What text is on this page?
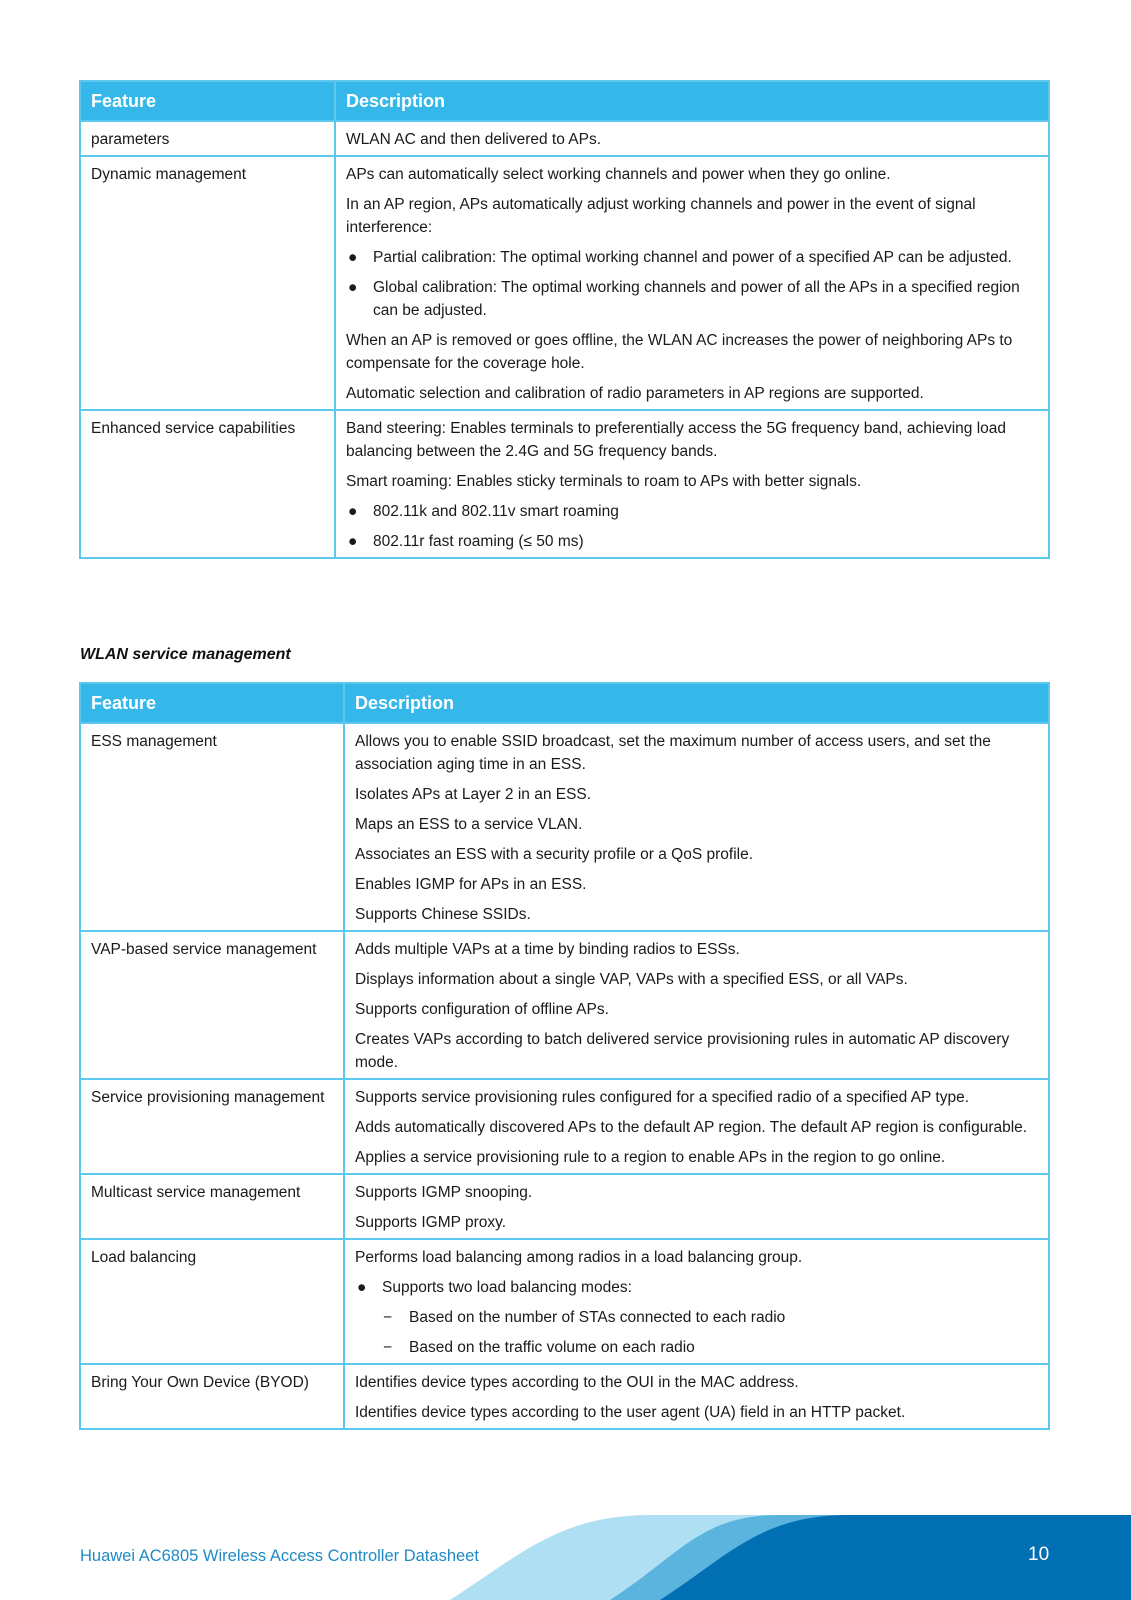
Feature	Description
parameters	WLAN AC and then delivered to APs.

Dynamic management	APs can automatically select working channels and power when they go online.

In an AP region, APs automatically adjust working channels and power in the event of signal interference:

● Partial calibration: The optimal working channel and power of a specified AP can be adjusted.
● Global calibration: The optimal working channels and power of all the APs in a specified region can be adjusted.

When an AP is removed or goes offline, the WLAN AC increases the power of neighboring APs to compensate for the coverage hole.

Automatic selection and calibration of radio parameters in AP regions are supported.

Enhanced service capabilities	Band steering: Enables terminals to preferentially access the 5G frequency band, achieving load balancing between the 2.4G and 5G frequency bands.

Smart roaming: Enables sticky terminals to roam to APs with better signals.

● 802.11k and 802.11v smart roaming
● 802.11r fast roaming (≤ 50 ms)
WLAN service management
Feature	Description
ESS management	Allows you to enable SSID broadcast, set the maximum number of access users, and set the association aging time in an ESS.

Isolates APs at Layer 2 in an ESS.

Maps an ESS to a service VLAN.

Associates an ESS with a security profile or a QoS profile.

Enables IGMP for APs in an ESS.

Supports Chinese SSIDs.

VAP-based service management	Adds multiple VAPs at a time by binding radios to ESSs.

Displays information about a single VAP, VAPs with a specified ESS, or all VAPs.

Supports configuration of offline APs.

Creates VAPs according to batch delivered service provisioning rules in automatic AP discovery mode.

Service provisioning management	Supports service provisioning rules configured for a specified radio of a specified AP type.

Adds automatically discovered APs to the default AP region. The default AP region is configurable.

Applies a service provisioning rule to a region to enable APs in the region to go online.

Multicast service management	Supports IGMP snooping.

Supports IGMP proxy.

Load balancing	Performs load balancing among radios in a load balancing group.

● Supports two load balancing modes:
− Based on the number of STAs connected to each radio
− Based on the traffic volume on each radio

Bring Your Own Device (BYOD)	Identifies device types according to the OUI in the MAC address.

Identifies device types according to the user agent (UA) field in an HTTP packet.

Huawei AC6805 Wireless Access Controller Datasheet	10
